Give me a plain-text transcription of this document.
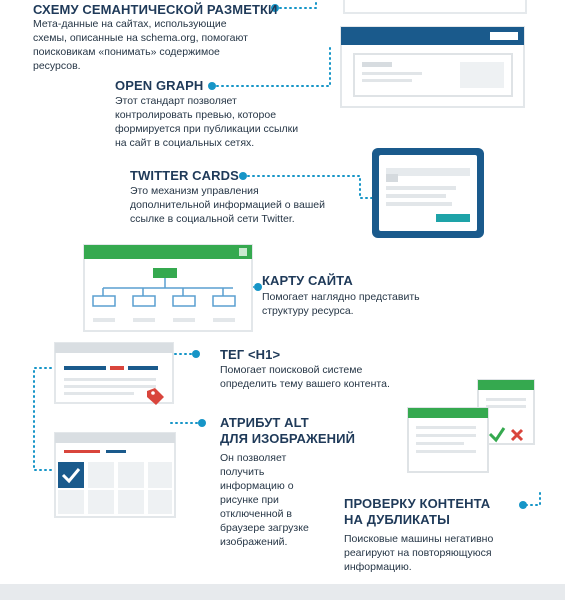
СХЕМУ СЕМАНТИЧЕСКОЙ РАЗМЕТКИ
Мета-данные на сайтах, использующие
схемы, описанные на schema.org, помогают
поисковикам «понимать» содержимое
ресурсов.
OPEN GRAPH
Этот стандарт позволяет
контролировать превью, которое
формируется при публикации ссылки
на сайт в социальных сетях.
TWITTER CARDS
Это механизм управления
дополнительной информацией о вашей
ссылке в социальной сети Twitter.
КАРТУ САЙТА
Помогает наглядно представить
структуру ресурса.
ТЕГ <H1>
Помогает поисковой системе
определить тему вашего контента.
АТРИБУТ ALT
ДЛЯ ИЗОБРАЖЕНИЙ
Он позволяет
получить
информацию о
рисунке при
отключенной в
браузере загрузке
изображений.
ПРОВЕРКУ КОНТЕНТА
НА ДУБЛИКАТЫ
Поисковые машины негативно
реагируют на повторяющуюся
информацию.
